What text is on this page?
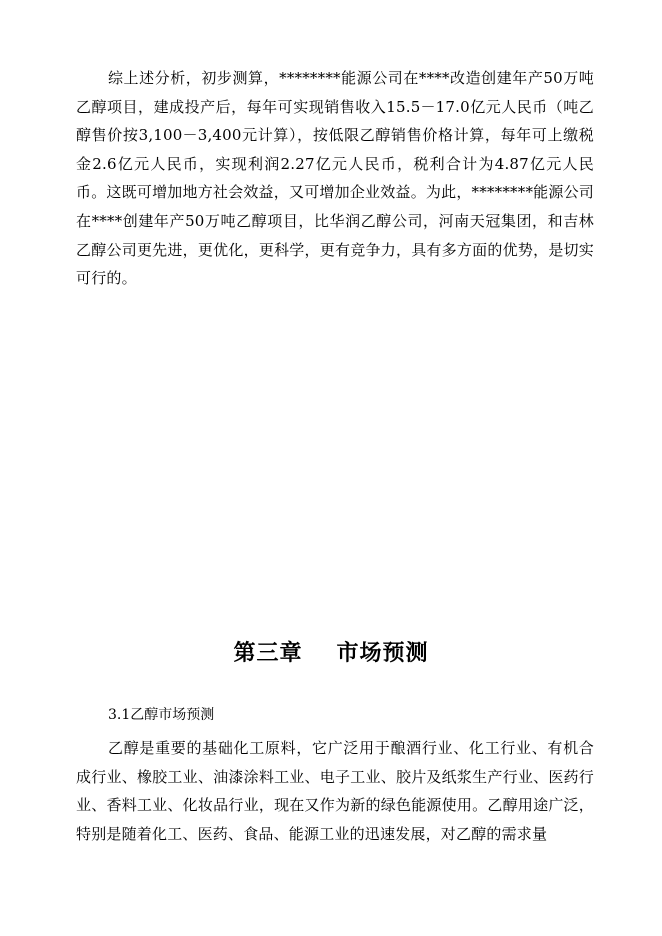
综上述分析，初步测算，********能源公司在****改造创建年产50万吨乙醇项目，建成投产后，每年可实现销售收入15.5－17.0亿元人民币（吨乙醇售价按3,100－3,400元计算），按低限乙醇销售价格计算，每年可上缴税金2.6亿元人民币，实现利润2.27亿元人民币，税利合计为4.87亿元人民币。这既可增加地方社会效益，又可增加企业效益。为此，********能源公司在****创建年产50万吨乙醇项目，比华润乙醇公司，河南天冠集团，和吉林乙醇公司更先进，更优化，更科学，更有竞争力，具有多方面的优势，是切实可行的。

第三章 市场预测

3.1乙醇市场预测

乙醇是重要的基础化工原料，它广泛用于酿酒行业、化工行业、有机合成行业、橡胶工业、油漆涂料工业、电子工业、胶片及纸浆生产行业、医药行业、香料工业、化妆品行业，现在又作为新的绿色能源使用。乙醇用途广泛，特别是随着化工、医药、食品、能源工业的迅速发展，对乙醇的需求量
